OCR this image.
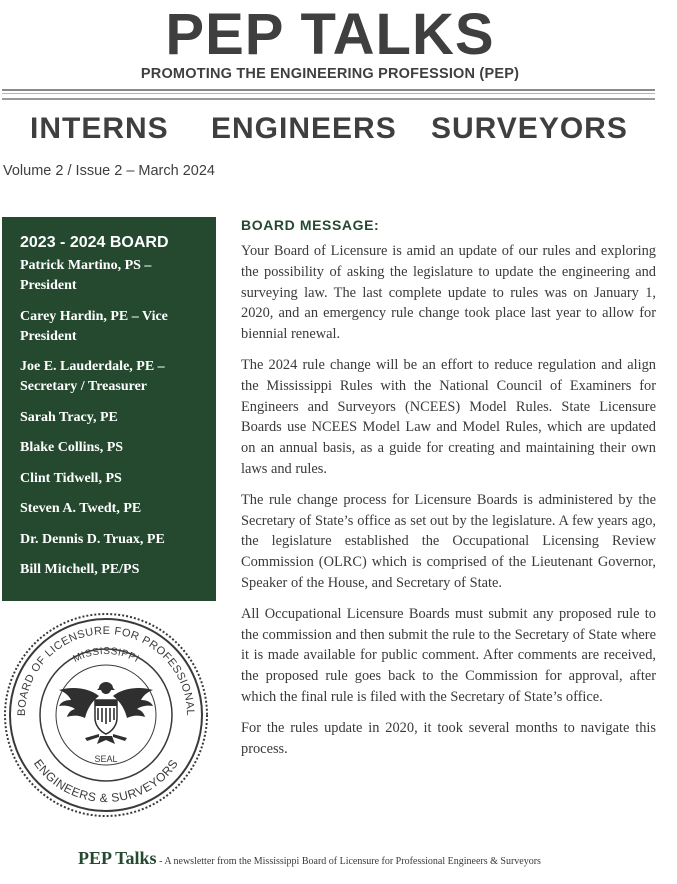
PEP TALKS
PROMOTING THE ENGINEERING PROFESSION (PEP)
INTERNS ENGINEERS SURVEYORS
Volume 2 / Issue 2 – March 2024
2023 - 2024 BOARD
Patrick Martino, PS – President
Carey Hardin, PE – Vice President
Joe E. Lauderdale, PE – Secretary / Treasurer
Sarah Tracy, PE
Blake Collins, PS
Clint Tidwell, PS
Steven A. Twedt, PE
Dr. Dennis D. Truax, PE
Bill Mitchell, PE/PS
BOARD OF LICENSURE FOR PROFESSIONAL
MISSISSIPPI
ENGINEERS & SURVEYORS
SEAL
BOARD MESSAGE:

Your Board of Licensure is amid an update of our rules and exploring the possibility of asking the legislature to update the engineering and surveying law. The last complete update to rules was on January 1, 2020, and an emergency rule change took place last year to allow for biennial renewal.

The 2024 rule change will be an effort to reduce regulation and align the Mississippi Rules with the National Council of Examiners for Engineers and Surveyors (NCEES) Model Rules. State Licensure Boards use NCEES Model Law and Model Rules, which are updated on an annual basis, as a guide for creating and maintaining their own laws and rules.

The rule change process for Licensure Boards is administered by the Secretary of State’s office as set out by the legislature. A few years ago, the legislature established the Occupational Licensing Review Commission (OLRC) which is comprised of the Lieutenant Governor, Speaker of the House, and Secretary of State.

All Occupational Licensure Boards must submit any proposed rule to the commission and then submit the rule to the Secretary of State where it is made available for public comment. After comments are received, the proposed rule goes back to the Commission for approval, after which the final rule is filed with the Secretary of State’s office.

For the rules update in 2020, it took several months to navigate this process.

PEP Talks - A newsletter from the Mississippi Board of Licensure for Professional Engineers & Surveyors
